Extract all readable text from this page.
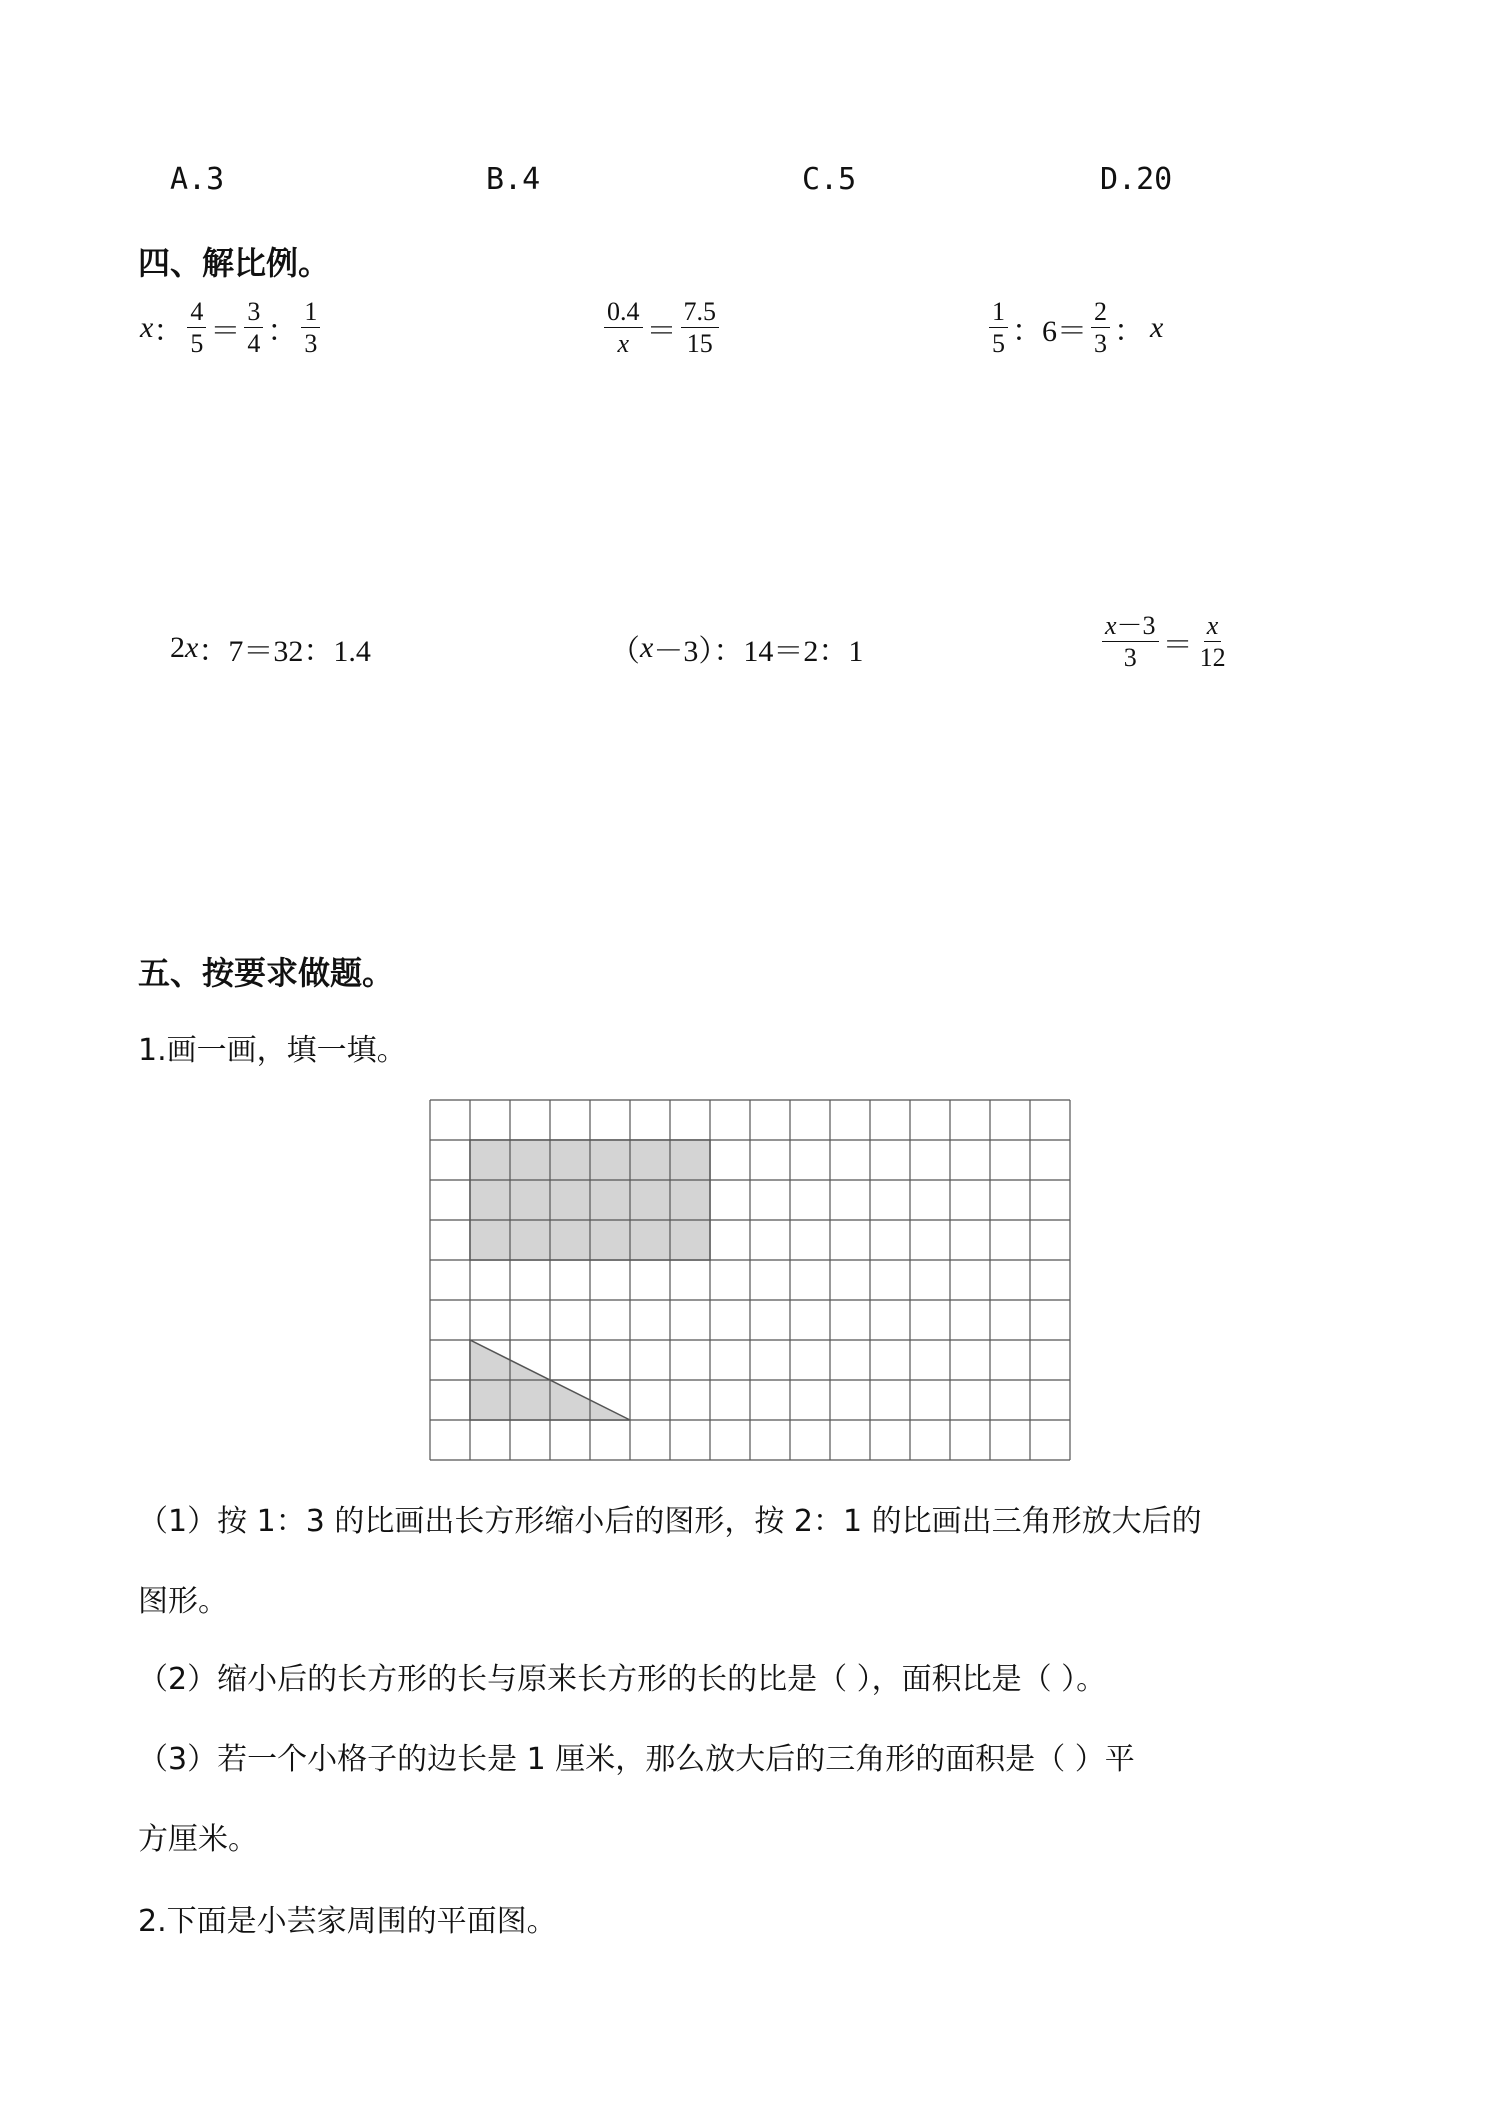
A.3	B.4	C.5	D.20
四、解比例。
x ： $\frac{4}{5} = \frac{3}{4}$ ： $\frac{1}{3}$	$\frac{0.4}{x} = \frac{7.5}{15}$	$\frac{1}{5}$ ：$6= \frac{2}{3}$ ： x
2 x ：7＝32：1.4	（ x －3）：14＝2：1	$\frac{x-3}{3} = \frac{x}{12}$
五、按要求做题。
1.画一画，填一填。
（1）按 1：3 的比画出长方形缩小后的图形，按 2：1 的比画出三角形放大后的
图形。
（2）缩小后的长方形的长与原来长方形的长的比是（ ），面积比是（ ）。
（3）若一个小格子的边长是 1 厘米，那么放大后的三角形的面积是（ ）平
方厘米。
2.下面是小芸家周围的平面图。
